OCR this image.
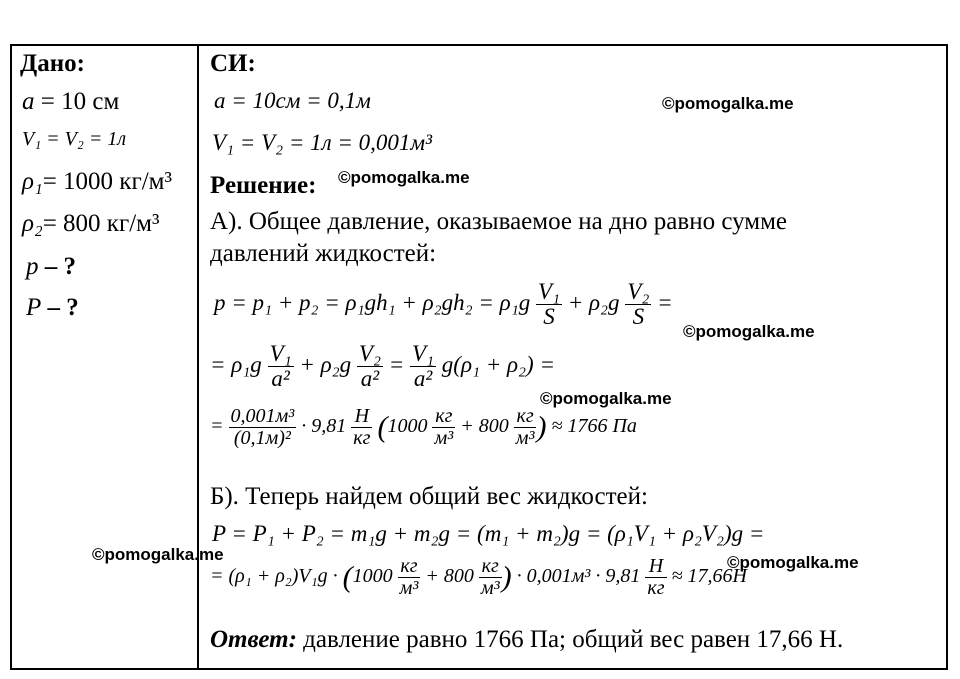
Дано:
a = 10 см
V₁ = V₂ = 1л
ρ₁= 1000 кг/м³
ρ₂= 800 кг/м³
p – ?
P – ?
СИ:
a = 10см = 0,1м
V₁ = V₂ = 1л = 0,001м³
Решение:
А). Общее давление, оказываемое на дно равно сумме
давлений жидкостей:
$p = p_1 + p_2 = \rho_1gh_1 + \rho_2gh_2 = \rho_1g \frac{\text{V₁}}{S} + \rho_2g \frac{\text{V₂}}{S}$ =
= $\rho_1g \frac{\text{V₁}}{\text{a²}} + \rho_2g \frac{\text{V₂}}{\text{a²}} = \frac{\text{V₁}}{\text{a²}} g(\rho_1 + \rho_2)$ =
= $\frac{\text{0,001м³}}{\text{(0,1м)²}} \cdot 9,81 \frac{Н}{кг} (1000 \frac{кг}{\text{м³}} + 800 \frac{кг}{\text{м³}}$ ) ≈ 1766 Па
Б). Теперь найдем общий вес жидкостей:
P = P₁ + P₂ = m₁g + m₂g = (m₁ + m₂)g = (ρ₁V₁ + ρ₂V₂)g =
= $(\rho_1 + \rho_2)V_1g \cdot (1000 \frac{кг}{\text{м³}} + 800 \frac{кг}{\text{м³}}$ ) · $0,001м^3 \cdot 9,81 \frac{Н}{кг} \approx 17,66Н$
Ответ: давление равно 1766 Па; общий вес равен 17,66 Н.
©pomogalka.me
©pomogalka.me
©pomogalka.me
©pomogalka.me
©pomogalka.me	©pomogalka.me
